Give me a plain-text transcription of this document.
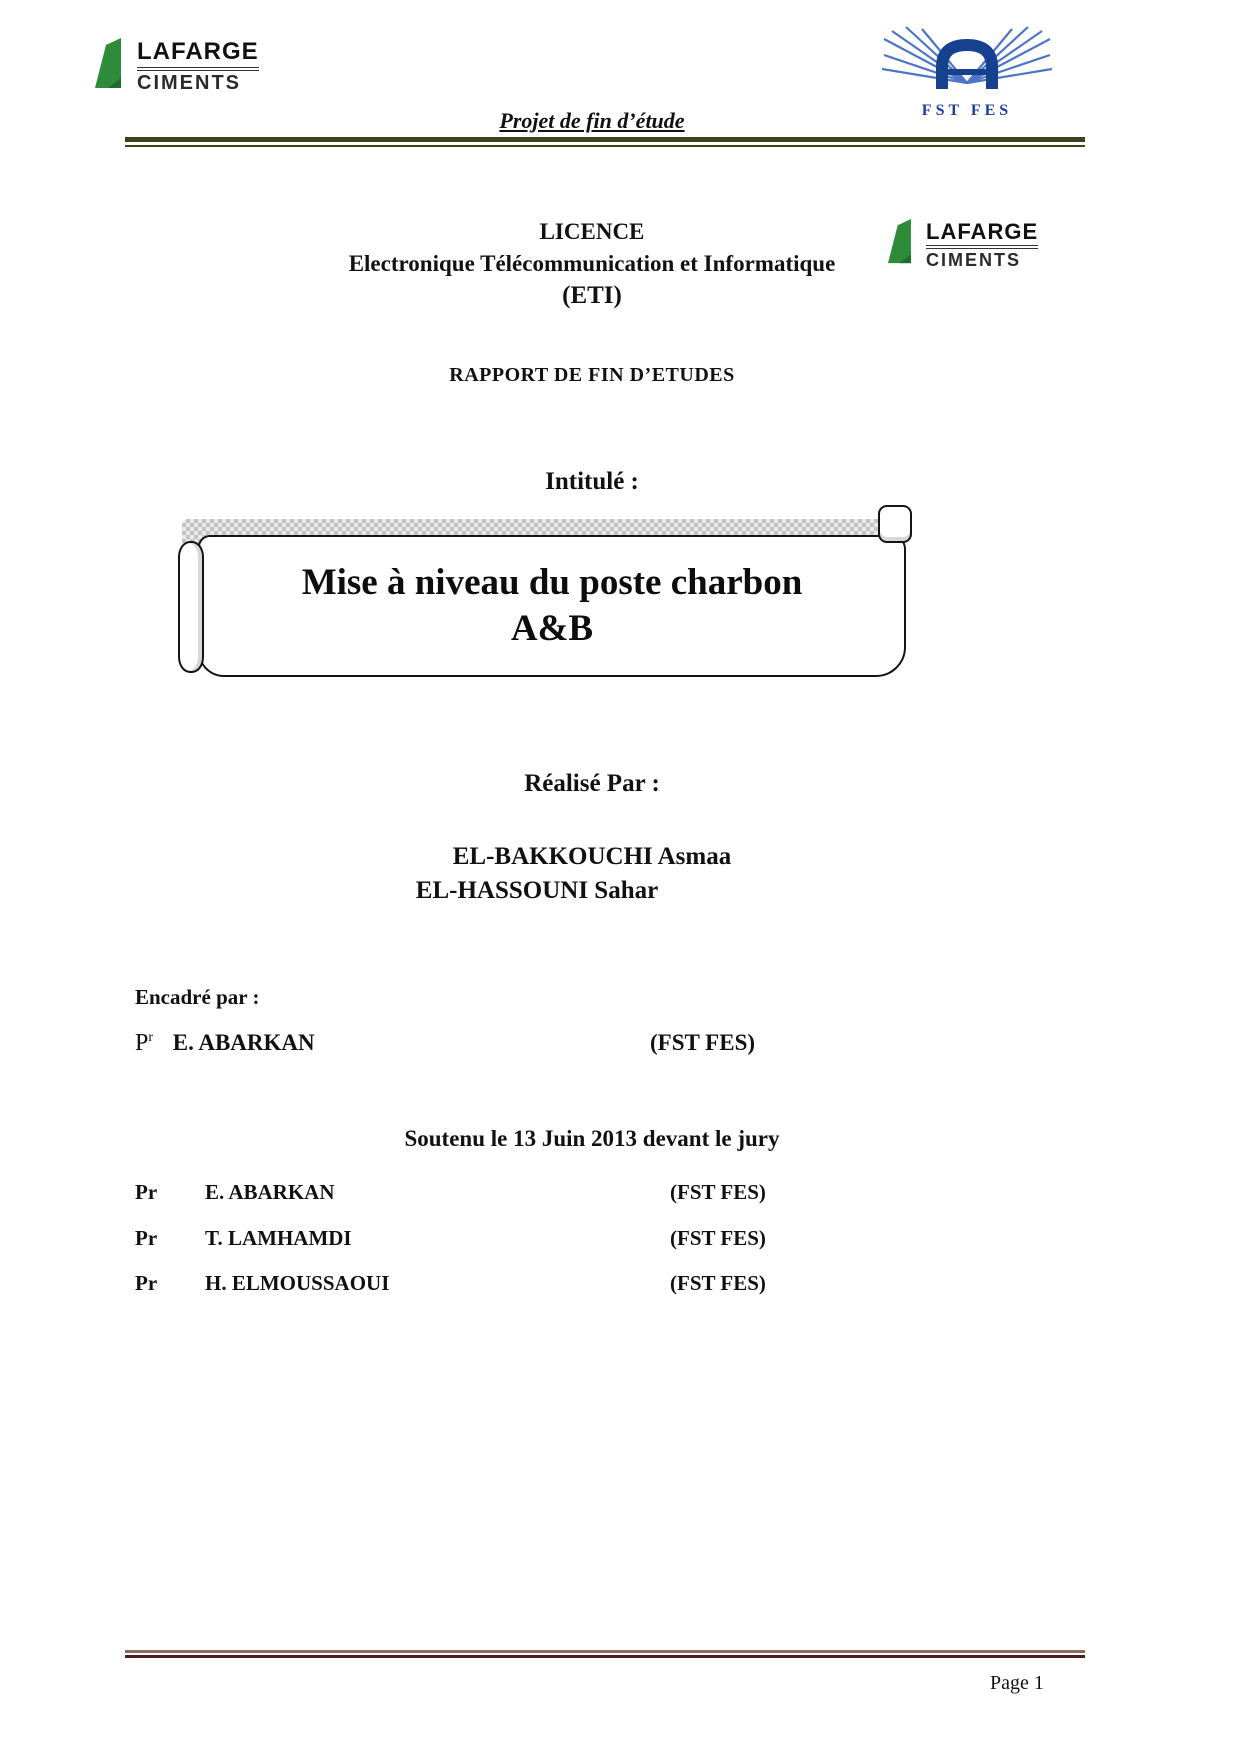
LAFARGE
CIMENTS
FST FES
Projet de fin d’étude
LICENCE
Electronique Télécommunication et Informatique
(ETI)
LAFARGE
CIMENTS
RAPPORT DE FIN D’ETUDES
Intitulé :
Mise à niveau du poste charbon
A&B
Réalisé Par :
EL-BAKKOUCHI Asmaa
EL-HASSOUNI Sahar
Encadré par :
$P^r$ E. ABARKAN	(FST FES)
Soutenu le 13 Juin 2013 devant le jury
Pr E. ABARKAN	(FST FES)
Pr T. LAMHAMDI	(FST FES)
Pr H. ELMOUSSAOUI	(FST FES)
Page 1
